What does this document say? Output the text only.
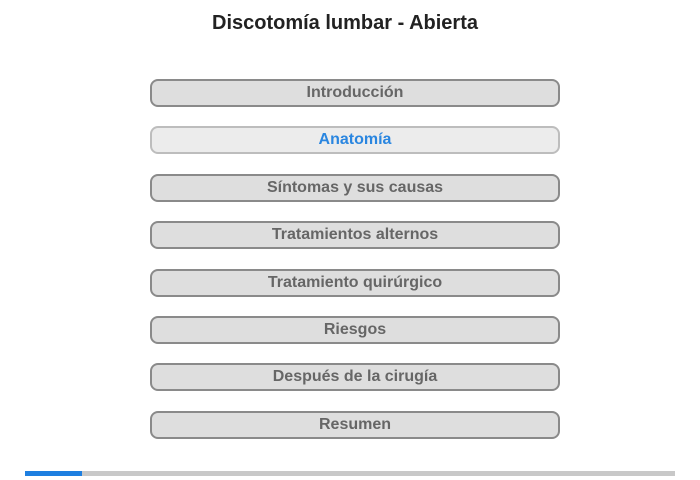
Discotomía lumbar - Abierta
Introducción
Anatomía
Síntomas y sus causas
Tratamientos alternos
Tratamiento quirúrgico
Riesgos
Después de la cirugía
Resumen
